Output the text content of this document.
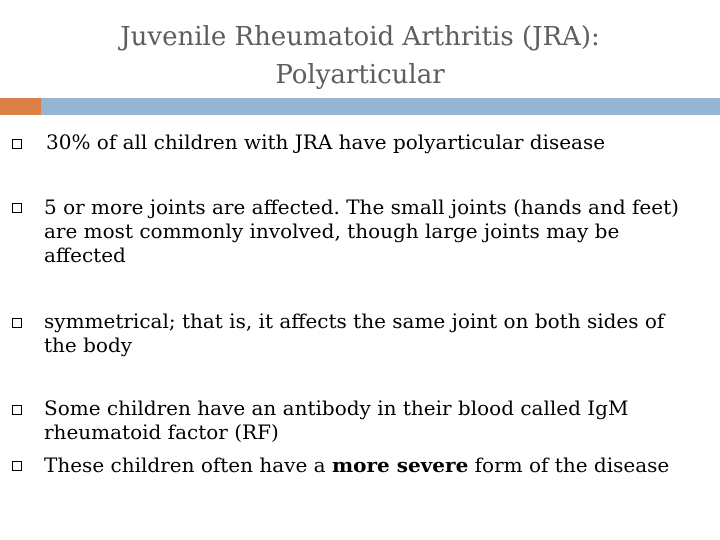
Juvenile Rheumatoid Arthritis (JRA):
Polyarticular
30% of all children with JRA have polyarticular disease
5 or more joints are affected. The small joints (hands and feet) are most commonly involved, though large joints may be affected
symmetrical; that is, it affects the same joint on both sides of the body
Some children have an antibody in their blood called IgM rheumatoid factor (RF)
These children often have a more severe form of the disease
